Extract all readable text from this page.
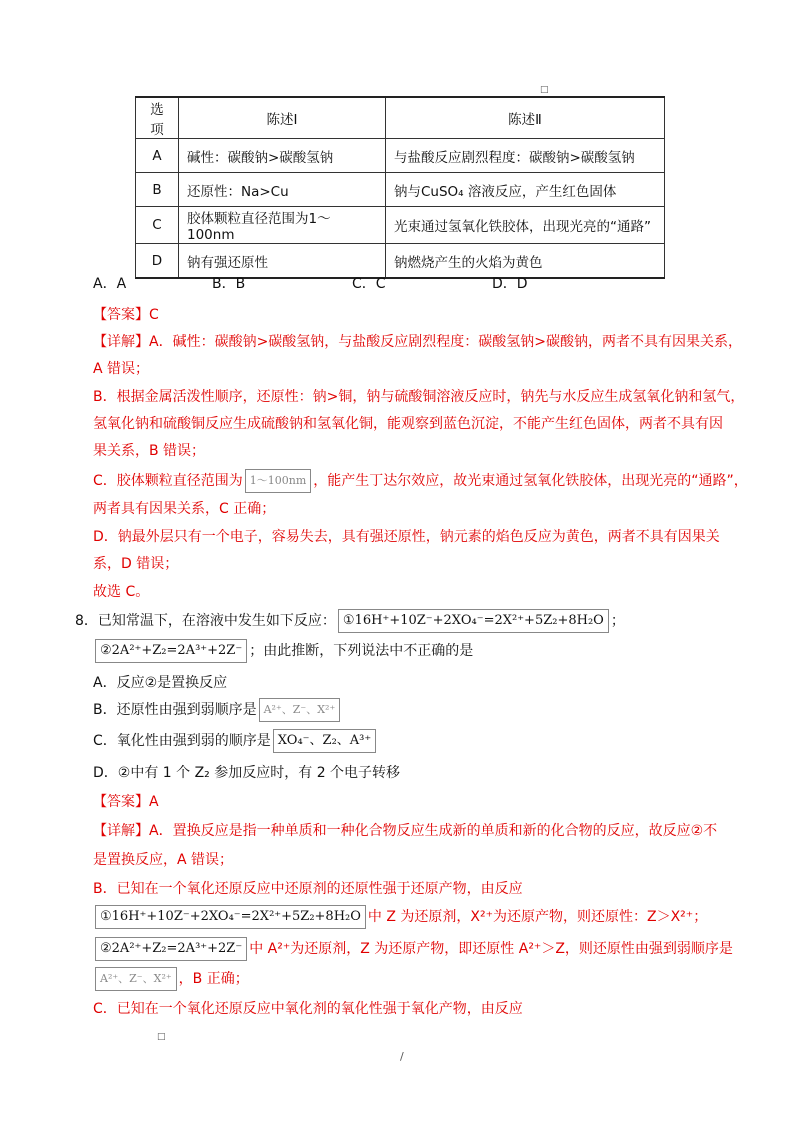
□
选项	陈述Ⅰ	陈述Ⅱ
A	碱性：碳酸钠>碳酸氢钠	与盐酸反应剧烈程度：碳酸钠>碳酸氢钠
B	还原性：Na>Cu	钠与CuSO₄ 溶液反应，产生红色固体
C	胶体颗粒直径范围为1～100nm	光束通过氢氧化铁胶体，出现光亮的“通路”
D	钠有强还原性	钠燃烧产生的火焰为黄色
A．A	B．B	C．C	D．D
【答案】C
【详解】A．碱性：碳酸钠>碳酸氢钠，与盐酸反应剧烈程度：碳酸氢钠>碳酸钠，两者不具有因果关系，
A 错误；
B．根据金属活泼性顺序，还原性：钠>铜，钠与硫酸铜溶液反应时，钠先与水反应生成氢氧化钠和氢气，
氢氧化钠和硫酸铜反应生成硫酸钠和氢氧化铜，能观察到蓝色沉淀，不能产生红色固体，两者不具有因
果关系，B 错误；
C．胶体颗粒直径范围为 1～100nm ，能产生丁达尔效应，故光束通过氢氧化铁胶体，出现光亮的“通路”，
两者具有因果关系，C 正确；
D．钠最外层只有一个电子，容易失去，具有强还原性，钠元素的焰色反应为黄色，两者不具有因果关
系，D 错误；
故选 C。
8．已知常温下，在溶液中发生如下反应： ①16H⁺+10Z⁻+2XO₄⁻=2X²⁺+5Z₂+8H₂O ；
②2A²⁺+Z₂=2A³⁺+2Z⁻ ；由此推断，下列说法中不正确的是
A．反应②是置换反应
B．还原性由强到弱顺序是 A²⁺、Z⁻、X²⁺
C．氧化性由强到弱的顺序是 XO₄⁻、Z₂、A³⁺
D．②中有 1 个 Z₂ 参加反应时，有 2 个电子转移
【答案】A
【详解】A．置换反应是指一种单质和一种化合物反应生成新的单质和新的化合物的反应，故反应②不
是置换反应，A 错误；
B．已知在一个氧化还原反应中还原剂的还原性强于还原产物，由反应
①16H⁺+10Z⁻+2XO₄⁻=2X²⁺+5Z₂+8H₂O 中 Z 为还原剂，X²⁺为还原产物，则还原性：Z＞X²⁺；
②2A²⁺+Z₂=2A³⁺+2Z⁻ 中 A²⁺为还原剂，Z 为还原产物，即还原性 A²⁺＞Z，则还原性由强到弱顺序是
A²⁺、Z⁻、X²⁺ ，B 正确；
C．已知在一个氧化还原反应中氧化剂的氧化性强于氧化产物，由反应
□
/
